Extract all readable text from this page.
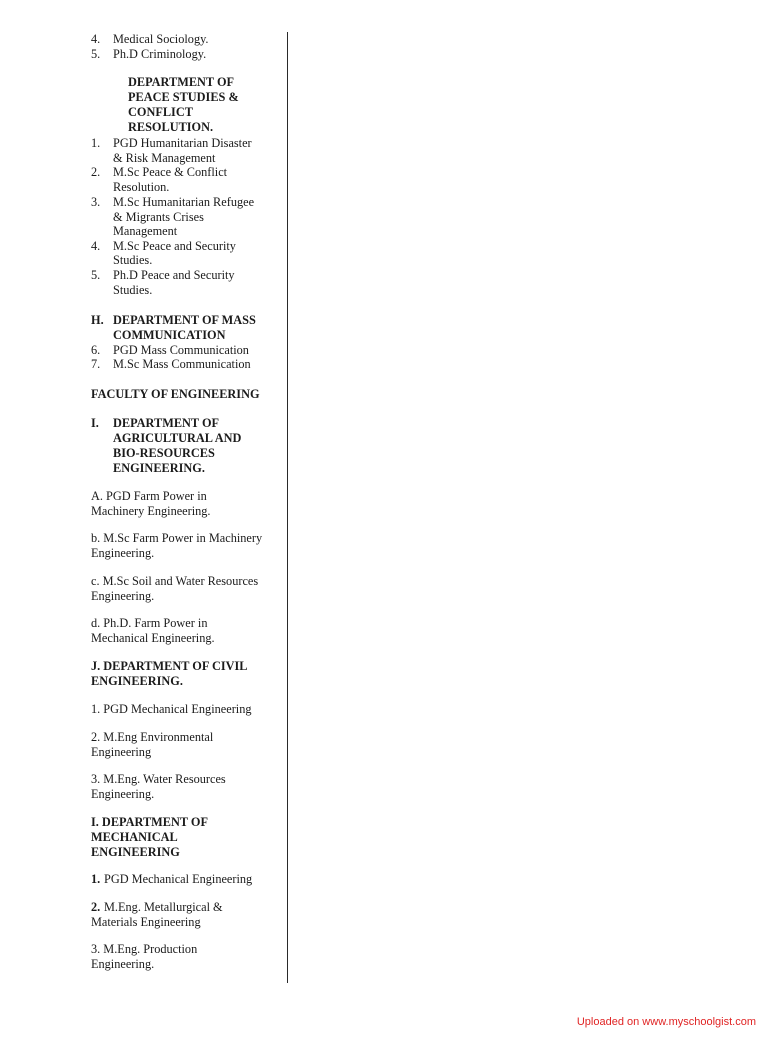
4. Medical Sociology.
5. Ph.D Criminology.
DEPARTMENT OF
PEACE STUDIES &
CONFLICT
RESOLUTION.
1. PGD Humanitarian Disaster
& Risk Management
2. M.Sc Peace & Conflict
Resolution.
3. M.Sc Humanitarian Refugee
& Migrants Crises
Management
4. M.Sc Peace and Security
Studies.
5. Ph.D Peace and Security
Studies.
H. DEPARTMENT OF MASS
COMMUNICATION
6. PGD Mass Communication
7. M.Sc Mass Communication
FACULTY OF ENGINEERING
I. DEPARTMENT OF
AGRICULTURAL AND
BIO-RESOURCES
ENGINEERING.
A. PGD Farm Power in
Machinery Engineering.
b. M.Sc Farm Power in Machinery
Engineering.
c. M.Sc Soil and Water Resources
Engineering.
d. Ph.D. Farm Power in
Mechanical Engineering.
J. DEPARTMENT OF CIVIL
ENGINEERING.
1. PGD Mechanical Engineering
2. M.Eng Environmental
Engineering
3. M.Eng. Water Resources
Engineering.
I. DEPARTMENT OF
MECHANICAL
ENGINEERING
1. PGD Mechanical Engineering
2. M.Eng. Metallurgical &
Materials Engineering
3. M.Eng. Production
Engineering.
Uploaded on www.myschoolgist.com
